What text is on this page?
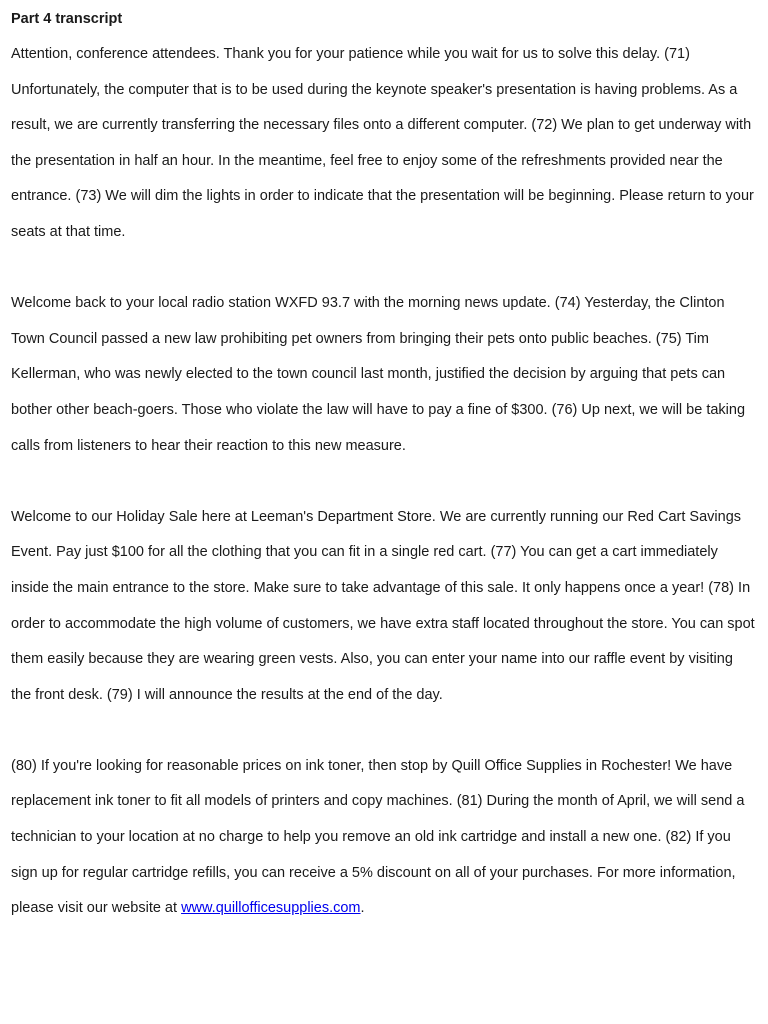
Part 4 transcript

Attention, conference attendees. Thank you for your patience while you wait for us to solve this delay. (71) Unfortunately, the computer that is to be used during the keynote speaker's presentation is having problems. As a result, we are currently transferring the necessary files onto a different computer. (72) We plan to get underway with the presentation in half an hour. In the meantime, feel free to enjoy some of the refreshments provided near the entrance. (73) We will dim the lights in order to indicate that the presentation will be beginning. Please return to your seats at that time.

Welcome back to your local radio station WXFD 93.7 with the morning news update. (74) Yesterday, the Clinton Town Council passed a new law prohibiting pet owners from bringing their pets onto public beaches. (75) Tim Kellerman, who was newly elected to the town council last month, justified the decision by arguing that pets can bother other beach-goers. Those who violate the law will have to pay a fine of $300. (76) Up next, we will be taking calls from listeners to hear their reaction to this new measure.

Welcome to our Holiday Sale here at Leeman's Department Store. We are currently running our Red Cart Savings Event. Pay just $100 for all the clothing that you can fit in a single red cart. (77) You can get a cart immediately inside the main entrance to the store. Make sure to take advantage of this sale. It only happens once a year! (78) In order to accommodate the high volume of customers, we have extra staff located throughout the store. You can spot them easily because they are wearing green vests. Also, you can enter your name into our raffle event by visiting the front desk. (79) I will announce the results at the end of the day.

(80) If you're looking for reasonable prices on ink toner, then stop by Quill Office Supplies in Rochester! We have replacement ink toner to fit all models of printers and copy machines. (81) During the month of April, we will send a technician to your location at no charge to help you remove an old ink cartridge and install a new one. (82) If you sign up for regular cartridge refills, you can receive a 5% discount on all of your purchases. For more information, please visit our website at www.quillofficesupplies.com.
